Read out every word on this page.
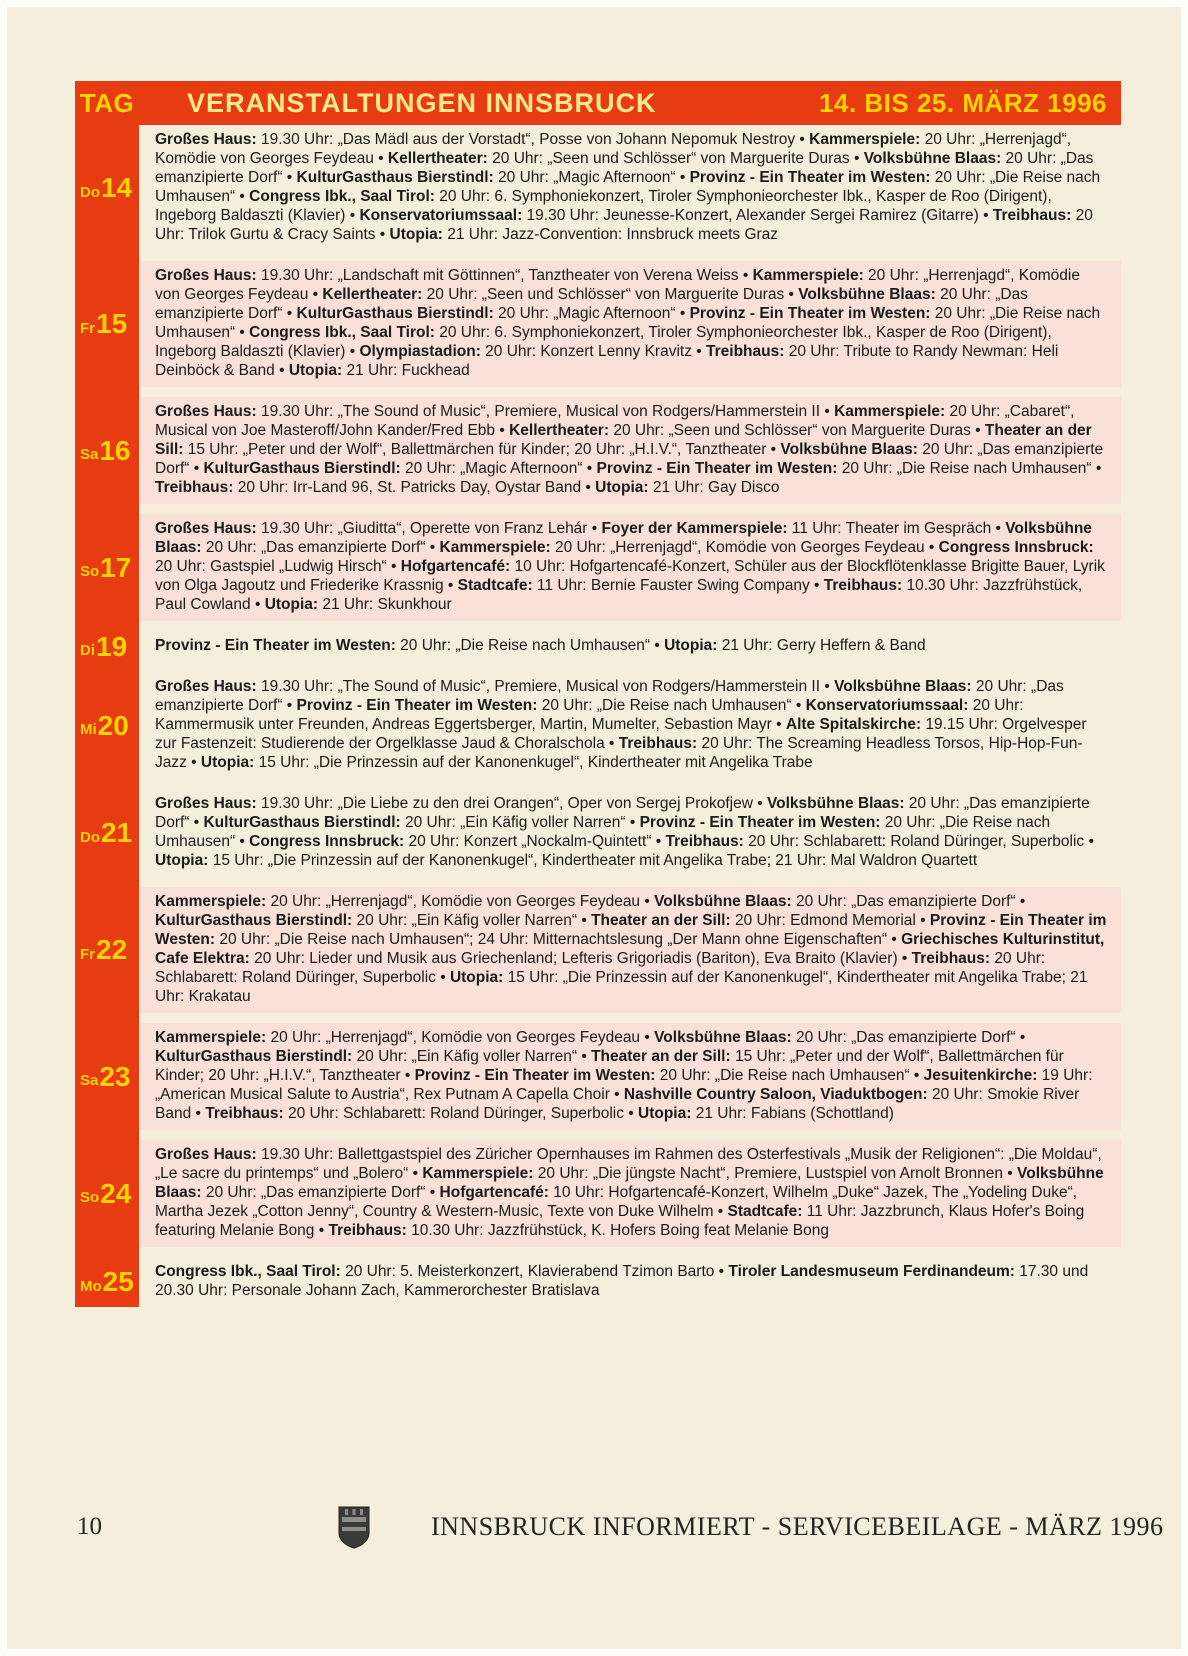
TAG VERANSTALTUNGEN INNSBRUCK	14. BIS 25. MÄRZ 1996
Do 14
Großes Haus: 19.30 Uhr: „Das Mädl aus der Vorstadt“, Posse von Johann Nepomuk Nestroy • Kammerspiele: 20 Uhr: „Herrenjagd“, Komödie von Georges Feydeau • Kellertheater: 20 Uhr: „Seen und Schlösser“ von Marguerite Duras • Volksbühne Blaas: 20 Uhr: „Das emanzipierte Dorf“ • KulturGasthaus Bierstindl: 20 Uhr: „Magic Afternoon“ • Provinz - Ein Theater im Westen: 20 Uhr: „Die Reise nach Umhausen“ • Congress Ibk., Saal Tirol: 20 Uhr: 6. Symphoniekonzert, Tiroler Symphonieorchester Ibk., Kasper de Roo (Dirigent), Ingeborg Baldaszti (Klavier) • Konservatoriumssaal: 19.30 Uhr: Jeunesse-Konzert, Alexander Sergei Ramirez (Gitarre) • Treibhaus: 20 Uhr: Trilok Gurtu & Cracy Saints • Utopia: 21 Uhr: Jazz-Convention: Innsbruck meets Graz
Fr 15
Großes Haus: 19.30 Uhr: „Landschaft mit Göttinnen“, Tanztheater von Verena Weiss • Kammerspiele: 20 Uhr: „Herrenjagd“, Komödie von Georges Feydeau • Kellertheater: 20 Uhr: „Seen und Schlösser“ von Marguerite Duras • Volksbühne Blaas: 20 Uhr: „Das emanzipierte Dorf“ • KulturGasthaus Bierstindl: 20 Uhr: „Magic Afternoon“ • Provinz - Ein Theater im Westen: 20 Uhr: „Die Reise nach Umhausen“ • Congress Ibk., Saal Tirol: 20 Uhr: 6. Symphoniekonzert, Tiroler Symphonieorchester Ibk., Kasper de Roo (Dirigent), Ingeborg Baldaszti (Klavier) • Olympiastadion: 20 Uhr: Konzert Lenny Kravitz • Treibhaus: 20 Uhr: Tribute to Randy Newman: Heli Deinböck & Band • Utopia: 21 Uhr: Fuckhead
Sa 16
Großes Haus: 19.30 Uhr: „The Sound of Music“, Premiere, Musical von Rodgers/Hammerstein II • Kammerspiele: 20 Uhr: „Cabaret“, Musical von Joe Masteroff/John Kander/Fred Ebb • Kellertheater: 20 Uhr: „Seen und Schlösser“ von Marguerite Duras • Theater an der Sill: 15 Uhr: „Peter und der Wolf“, Ballettmärchen für Kinder; 20 Uhr: „H.I.V.“, Tanztheater • Volksbühne Blaas: 20 Uhr: „Das emanzipierte Dorf“ • KulturGasthaus Bierstindl: 20 Uhr: „Magic Afternoon“ • Provinz - Ein Theater im Westen: 20 Uhr: „Die Reise nach Umhausen“ • Treibhaus: 20 Uhr: Irr-Land 96, St. Patricks Day, Oystar Band • Utopia: 21 Uhr: Gay Disco
So 17
Großes Haus: 19.30 Uhr: „Giuditta“, Operette von Franz Lehár • Foyer der Kammerspiele: 11 Uhr: Theater im Gespräch • Volksbühne Blaas: 20 Uhr: „Das emanzipierte Dorf“ • Kammerspiele: 20 Uhr: „Herrenjagd“, Komödie von Georges Feydeau • Congress Innsbruck: 20 Uhr: Gastspiel „Ludwig Hirsch“ • Hofgartencafé: 10 Uhr: Hofgartencafé-Konzert, Schüler aus der Blockflötenklasse Brigitte Bauer, Lyrik von Olga Jagoutz und Friederike Krassnig • Stadtcafe: 11 Uhr: Bernie Fauster Swing Company • Treibhaus: 10.30 Uhr: Jazzfrühstück, Paul Cowland • Utopia: 21 Uhr: Skunkhour
Di 19	Provinz - Ein Theater im Westen: 20 Uhr: „Die Reise nach Umhausen“ • Utopia: 21 Uhr: Gerry Heffern & Band
Mi 20
Großes Haus: 19.30 Uhr: „The Sound of Music“, Premiere, Musical von Rodgers/Hammerstein II • Volksbühne Blaas: 20 Uhr: „Das emanzipierte Dorf“ • Provinz - Ein Theater im Westen: 20 Uhr: „Die Reise nach Umhausen“ • Konservatoriumssaal: 20 Uhr: Kammermusik unter Freunden, Andreas Eggertsberger, Martin, Mumelter, Sebastion Mayr • Alte Spitalskirche: 19.15 Uhr: Orgelvesper zur Fastenzeit: Studierende der Orgelklasse Jaud & Choralschola • Treibhaus: 20 Uhr: The Screaming Headless Torsos, Hip-Hop-Fun-Jazz • Utopia: 15 Uhr: „Die Prinzessin auf der Kanonenkugel“, Kindertheater mit Angelika Trabe
Do 21
Großes Haus: 19.30 Uhr: „Die Liebe zu den drei Orangen“, Oper von Sergej Prokofjew • Volksbühne Blaas: 20 Uhr: „Das emanzipierte Dorf“ • KulturGasthaus Bierstindl: 20 Uhr: „Ein Käfig voller Narren“ • Provinz - Ein Theater im Westen: 20 Uhr: „Die Reise nach Umhausen“ • Congress Innsbruck: 20 Uhr: Konzert „Nockalm-Quintett“ • Treibhaus: 20 Uhr: Schlabarett: Roland Düringer, Superbolic • Utopia: 15 Uhr: „Die Prinzessin auf der Kanonenkugel“, Kindertheater mit Angelika Trabe; 21 Uhr: Mal Waldron Quartett
Fr 22
Kammerspiele: 20 Uhr: „Herrenjagd“, Komödie von Georges Feydeau • Volksbühne Blaas: 20 Uhr: „Das emanzipierte Dorf“ • KulturGasthaus Bierstindl: 20 Uhr: „Ein Käfig voller Narren“ • Theater an der Sill: 20 Uhr: Edmond Memorial • Provinz - Ein Theater im Westen: 20 Uhr: „Die Reise nach Umhausen“; 24 Uhr: Mitternachtslesung „Der Mann ohne Eigenschaften“ • Griechisches Kulturinstitut, Cafe Elektra: 20 Uhr: Lieder und Musik aus Griechenland; Lefteris Grigoriadis (Bariton), Eva Braito (Klavier) • Treibhaus: 20 Uhr: Schlabarett: Roland Düringer, Superbolic • Utopia: 15 Uhr: „Die Prinzessin auf der Kanonenkugel“, Kindertheater mit Angelika Trabe; 21 Uhr: Krakatau
Sa 23
Kammerspiele: 20 Uhr: „Herrenjagd“, Komödie von Georges Feydeau • Volksbühne Blaas: 20 Uhr: „Das emanzipierte Dorf“ • KulturGasthaus Bierstindl: 20 Uhr: „Ein Käfig voller Narren“ • Theater an der Sill: 15 Uhr: „Peter und der Wolf“, Ballettmärchen für Kinder; 20 Uhr: „H.I.V.“, Tanztheater • Provinz - Ein Theater im Westen: 20 Uhr: „Die Reise nach Umhausen“ • Jesuitenkirche: 19 Uhr: „American Musical Salute to Austria“, Rex Putnam A Capella Choir • Nashville Country Saloon, Viaduktbogen: 20 Uhr: Smokie River Band • Treibhaus: 20 Uhr: Schlabarett: Roland Düringer, Superbolic • Utopia: 21 Uhr: Fabians (Schottland)
So 24
Großes Haus: 19.30 Uhr: Ballettgastspiel des Züricher Opernhauses im Rahmen des Osterfestivals „Musik der Religionen“: „Die Moldau“, „Le sacre du printemps“ und „Bolero“ • Kammerspiele: 20 Uhr: „Die jüngste Nacht“, Premiere, Lustspiel von Arnolt Bronnen • Volksbühne Blaas: 20 Uhr: „Das emanzipierte Dorf“ • Hofgartencafé: 10 Uhr: Hofgartencafé-Konzert, Wilhelm „Duke“ Jazek, The „Yodeling Duke“, Martha Jezek „Cotton Jenny“, Country & Western-Music, Texte von Duke Wilhelm • Stadtcafe: 11 Uhr: Jazzbrunch, Klaus Hofer's Boing featuring Melanie Bong • Treibhaus: 10.30 Uhr: Jazzfrühstück, K. Hofers Boing feat Melanie Bong
Mo 25	Congress Ibk., Saal Tirol: 20 Uhr: 5. Meisterkonzert, Klavierabend Tzimon Barto • Tiroler Landesmuseum Ferdinandeum: 17.30 und 20.30 Uhr: Personale Johann Zach, Kammerorchester Bratislava
10	INNSBRUCK INFORMIERT - SERVICEBEILAGE - MÄRZ 1996
